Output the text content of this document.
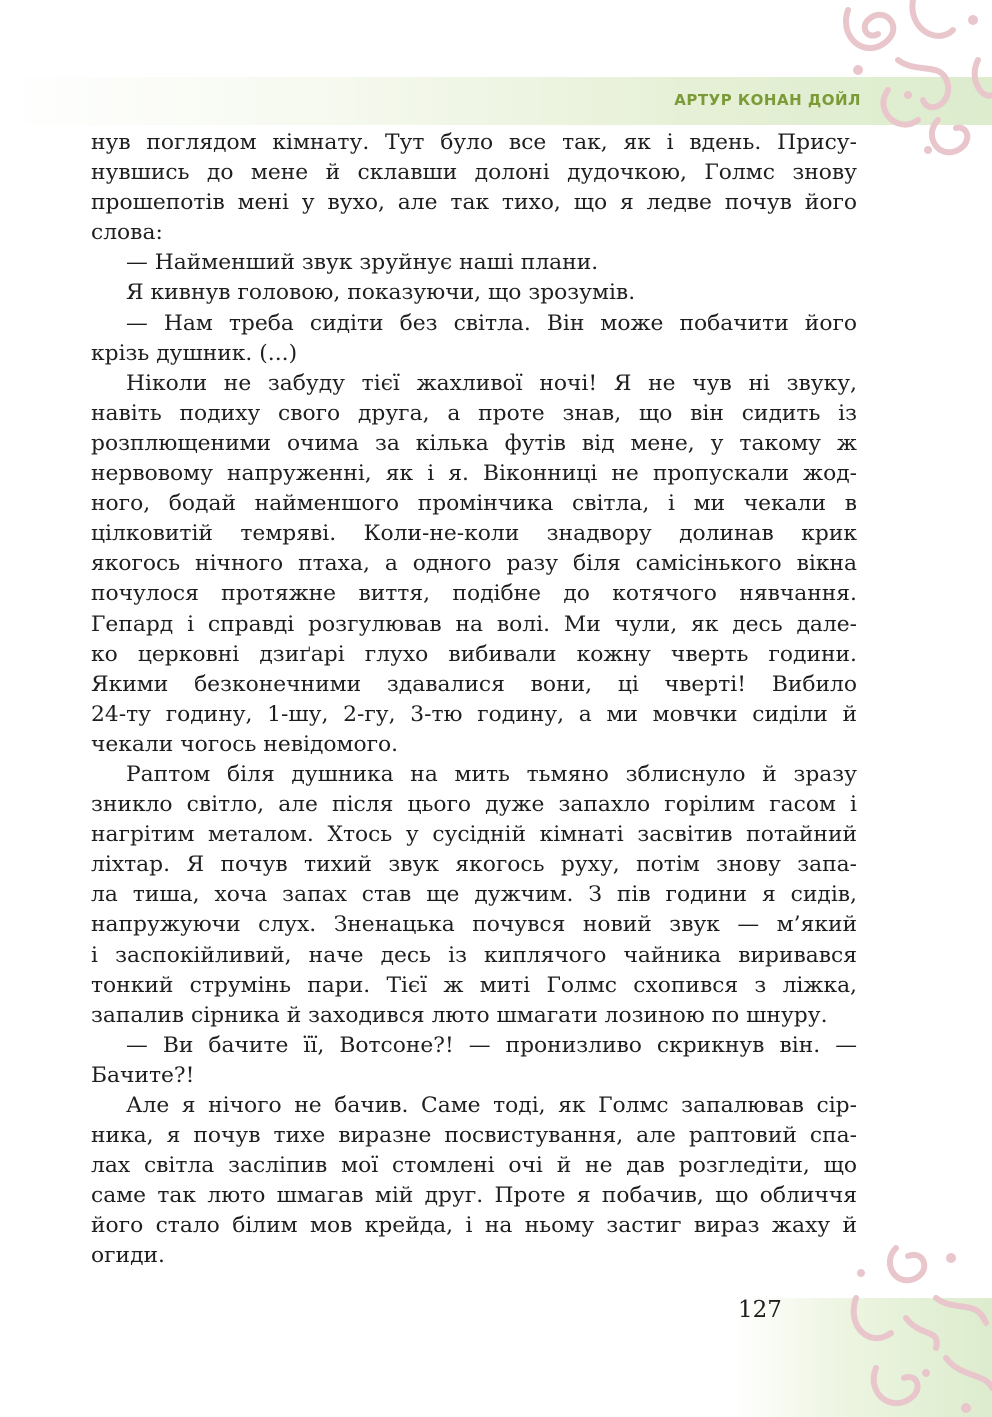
АРТУР КОНАН ДОЙЛ
127
нув поглядом кімнату. Тут було все так, як і вдень. Прису-
нувшись до мене й склавши долоні дудочкою, Голмс знову
прошепотів мені у вухо, але так тихо, що я ледве почув його
слова:
— Найменший звук зруйнує наші плани.
Я кивнув головою, показуючи, що зрозумів.
— Нам треба сидіти без світла. Він може побачити його
крізь душник. (...)
Ніколи не забуду тієї жахливої ночі! Я не чув ні звуку,
навіть подиху свого друга, а проте знав, що він сидить із
розплющеними очима за кілька футів від мене, у такому ж
нервовому напруженні, як і я. Віконниці не пропускали жод-
ного, бодай найменшого промінчика світла, і ми чекали в
цілковитій темряві. Коли-не-коли знадвору долинав крик
якогось нічного птаха, а одного разу біля самісінького вікна
почулося протяжне виття, подібне до котячого нявчання.
Гепард і справді розгулював на волі. Ми чули, як десь дале-
ко церковні дзиґарі глухо вибивали кожну чверть години.
Якими безконечними здавалися вони, ці чверті! Вибило
24-ту годину, 1-шу, 2-гу, 3-тю годину, а ми мовчки сиділи й
чекали чогось невідомого.
Раптом біля душника на мить тьмяно зблиснуло й зразу
зникло світло, але після цього дуже запахло горілим гасом і
нагрітим металом. Хтось у сусідній кімнаті засвітив потайний
ліхтар. Я почув тихий звук якогось руху, потім знову запа-
ла тиша, хоча запах став ще дужчим. З пів години я сидів,
напружуючи слух. Зненацька почувся новий звук — м’який
і заспокійливий, наче десь із киплячого чайника виривався
тонкий струмінь пари. Тієї ж миті Голмс схопився з ліжка,
запалив сірника й заходився люто шмагати лозиною по шнуру.
— Ви бачите її, Вотсоне?! — пронизливо скрикнув він. —
Бачите?!
Але я нічого не бачив. Саме тоді, як Голмс запалював сір-
ника, я почув тихе виразне посвистування, але раптовий спа-
лах світла засліпив мої стомлені очі й не дав розгледіти, що
саме так люто шмагав мій друг. Проте я побачив, що обличчя
його стало білим мов крейда, і на ньому застиг вираз жаху й
огиди.
